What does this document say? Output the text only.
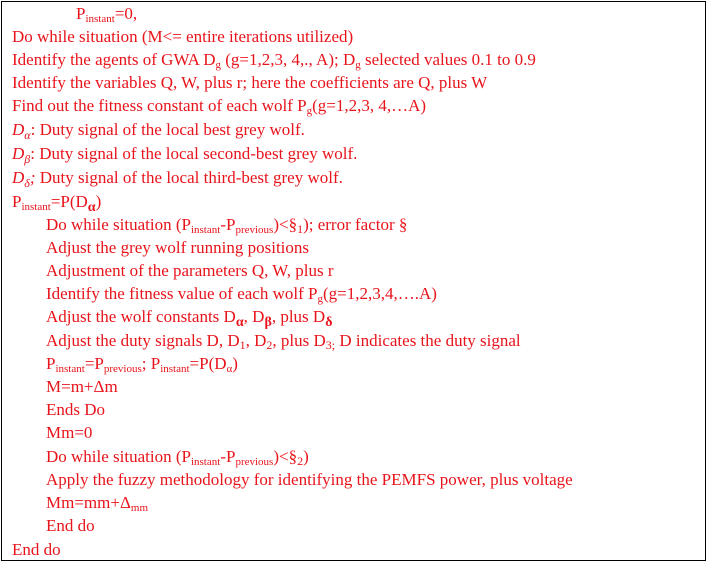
$P_{instant}=0$,
Do while situation (M<= entire iterations utilized)
Identify the agents of GWA $D_g$ (g=1,2,3, 4,., A); $D_g$ selected values 0.1 to 0.9
Identify the variables Q, W, plus r; here the coefficients are Q, plus W
Find out the fitness constant of each wolf $P_g(g=1,2,3$, 4,…A)
$D_\alpha$: Duty signal of the local best grey wolf.
$D_\beta$: Duty signal of the local second-best grey wolf.
$D_\delta$; Duty signal of the local third-best grey wolf.
$P_{instant}=P(D_\alpha)$
Do while situation $(P_{instant}-P_{previous})<\S 1$); error factor §
Adjust the grey wolf running positions
Adjustment of the parameters Q, W, plus r
Identify the fitness value of each wolf $P_g(g=1,2,3,4,\dots.A)$
Adjust the wolf constants $D_\alpha$, $D_\beta$, plus $D_\delta$
Adjust the duty signals D, D1, D2, plus D3; D indicates the duty signal
$P_{instant}=P_{previous}$; $P_{instant}=P(D_\alpha)$
M=m+Δm
Ends Do
Mm=0
Do while situation $(P_{instant}-P_{previous})<\S 2$)
Apply the fuzzy methodology for identifying the PEMFS power, plus voltage
$Mm=mm+\Delta_{mm}$
End do
End do
